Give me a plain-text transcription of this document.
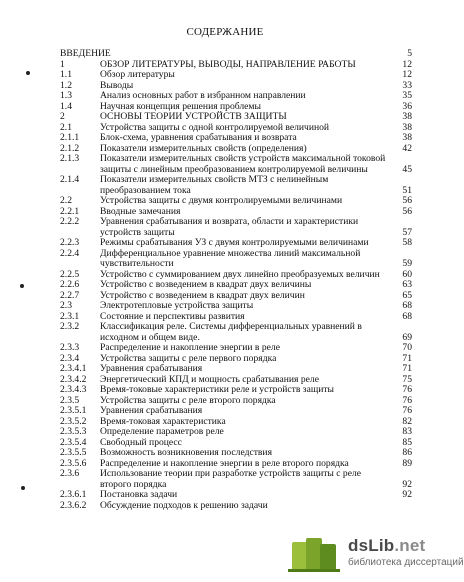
СОДЕРЖАНИЕ
ВВЕДЕНИЕ	5
1	ОБЗОР ЛИТЕРАТУРЫ, ВЫВОДЫ, НАПРАВЛЕНИЕ РАБОТЫ	12
1.1	Обзор литературы	12
1.2	Выводы	33
1.3	Анализ основных работ в избранном направлении	35
1.4	Научная концепция решения проблемы	36
2	ОСНОВЫ ТЕОРИИ УСТРОЙСТВ ЗАЩИТЫ	38
2.1	Устройства защиты с одной контролируемой величиной	38
2.1.1	Блок-схема, уравнения срабатывания и возврата	38
2.1.2	Показатели измерительных свойств (определения)	42
2.1.3	Показатели измерительных свойств устройств максимальной токовой защиты с линейным преобразованием контролируемой величины	45
2.1.4	Показатели измерительных свойств МТЗ с нелинейным преобразованием тока	51
2.2	Устройства защиты с двумя контролируемыми величинами	56
2.2.1	Вводные замечания	56
2.2.2	Уравнения срабатывания и возврата, области и характеристики устройств защиты	57
2.2.3	Режимы срабатывания УЗ с двумя контролируемыми величинами	58
2.2.4	Дифференциальное уравнение множества линий максимальной чувствительности	59
2.2.5	Устройство с суммированием двух линейно преобразуемых величин	60
2.2.6	Устройство с возведением в квадрат двух величины	63
2.2.7	Устройство с возведением в квадрат двух величин	65
2.3	Электротепловые устройства защиты	68
2.3.1	Состояние и перспективы развития	68
2.3.2	Классификация реле. Системы дифференциальных уравнений в исходном и общем виде.	69
2.3.3	Распределение и накопление энергии в реле	70
2.3.4	Устройства защиты с реле первого порядка	71
2.3.4.1	Уравнения срабатывания	71
2.3.4.2	Энергетический КПД и мощность срабатывания реле	75
2.3.4.3	Время-токовые характеристики реле и устройств защиты	76
2.3.5	Устройства защиты с реле второго порядка	76
2.3.5.1	Уравнения срабатывания	76
2.3.5.2	Время-токовая характеристика	82
2.3.5.3	Определение параметров реле	83
2.3.5.4	Свободный процесс	85
2.3.5.5	Возможность возникновения последствия	86
2.3.5.6	Распределение и накопление энергии в реле второго порядка	89
2.3.6	Использование теории при разработке устройств защиты с реле второго порядка	92
2.3.6.1	Постановка задачи	92
2.3.6.2	Обсуждение подходов к решению задачи
dsLib.net
библиотека диссертаций
